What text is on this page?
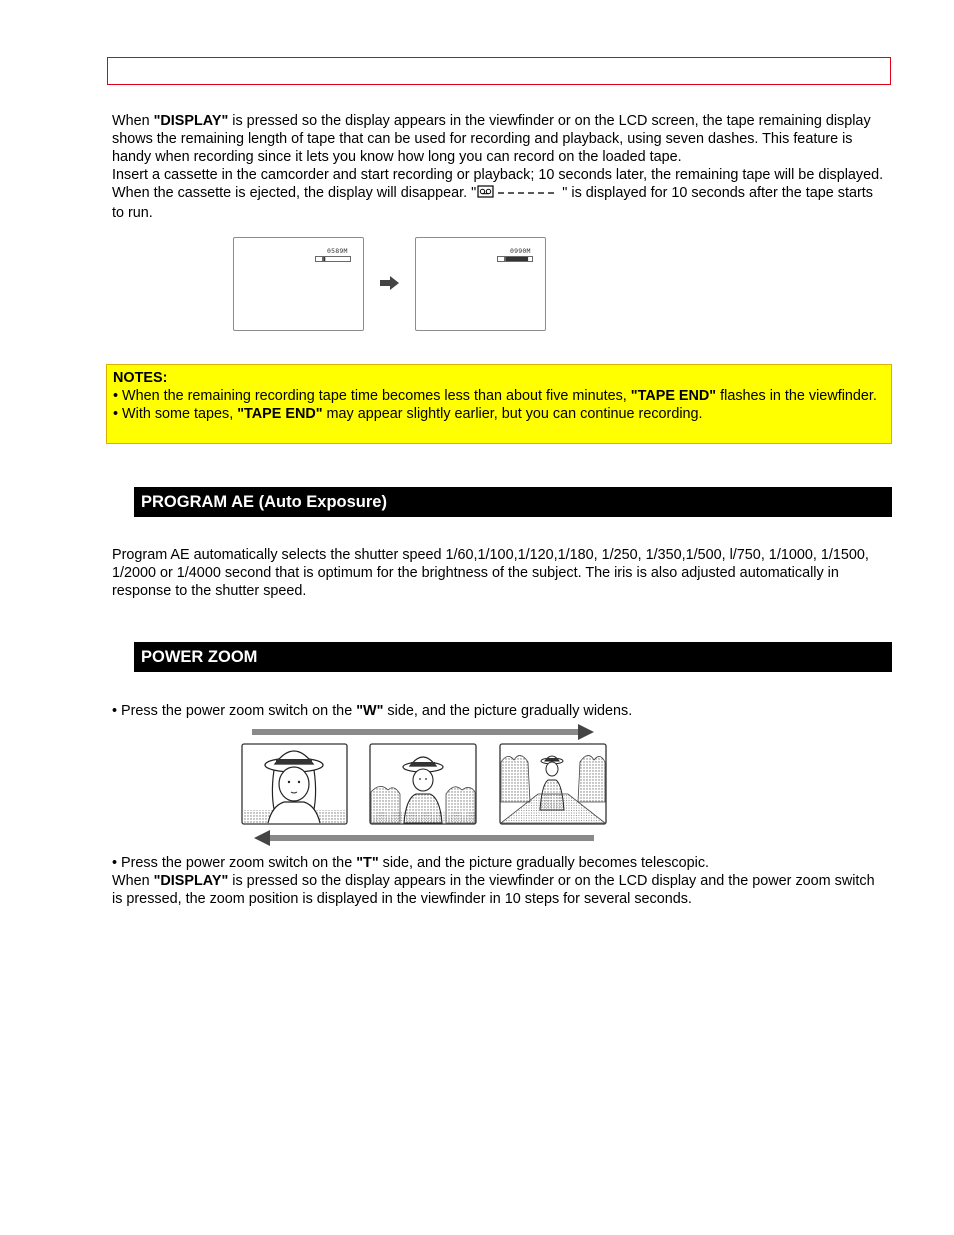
When "DISPLAY" is pressed so the display appears in the viewfinder or on the LCD screen, the tape remaining display shows the remaining length of tape that can be used for recording and playback, using seven dashes. This feature is handy when recording since it lets you know how long you can record on the loaded tape.
Insert a cassette in the camcorder and start recording or playback; 10 seconds later, the remaining tape will be displayed. When the cassette is ejected, the display will disappear. "	" is displayed for 10 seconds after the tape starts to run.
0589M	0990M

NOTES:

• When the remaining recording tape time becomes less than about five minutes, "TAPE END" flashes in the viewfinder.

• With some tapes, "TAPE END" may appear slightly earlier, but you can continue recording.

PROGRAM AE (Auto Exposure)

Program AE automatically selects the shutter speed 1/60,1/100,1/120,1/180, 1/250, 1/350,1/500, l/750, 1/1000, 1/1500, 1/2000 or 1/4000 second that is optimum for the brightness of the subject. The iris is also adjusted automatically in response to the shutter speed.

POWER ZOOM

• Press the power zoom switch on the "W" side, and the picture gradually widens.

• Press the power zoom switch on the "T" side, and the picture gradually becomes telescopic.
When "DISPLAY" is pressed so the display appears in the viewfinder or on the LCD display and the power zoom switch is pressed, the zoom position is displayed in the viewfinder in 10 steps for several seconds.
